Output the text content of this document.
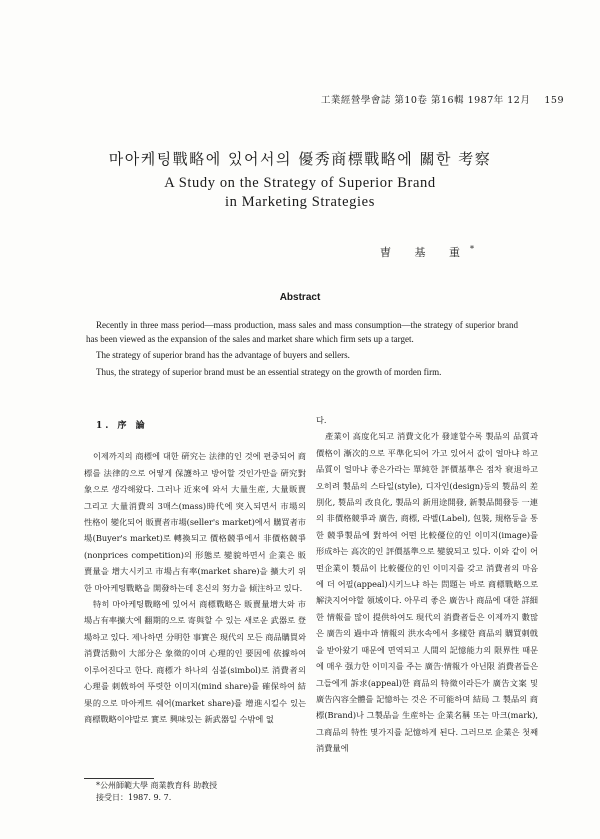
工業經營學會誌 第10卷 第16輯 1987年 12月 159
마아케팅戰略에 있어서의 優秀商標戰略에 關한 考察
A Study on the Strategy of Superior Brand
in Marketing Strategies
曺 基 重*
Abstract

Recently in three mass period—mass production, mass sales and mass consumption—the strategy of superior brand has been viewed as the expansion of the sales and market share which firm sets up a target.

The strategy of superior brand has the advantage of buyers and sellers.

Thus, the strategy of superior brand must be an essential strategy on the growth of morden firm.

1. 序 論

이제까지의 商標에 대한 硏究는 法律的인 것에 편중되어 商標를 法律的으로 어떻게 保護하고 방어할 것인가만을 硏究對象으로 생각해왔다. 그러나 近來에 와서 大量生産, 大量販賣 그리고 大量消費의 3매스(mass)時代에 突入되면서 市場의 性格이 變化되어 販賣者市場(seller's market)에서 購買者市場(Buyer's market)로 轉換되고 價格競爭에서 非價格競爭(nonprices competition)의 形態로 變貌하면서 企業은 販賣量을 增大시키고 市場占有率(market share)을 擴大키 위한 마아케팅戰略을 開發하는데 혼신의 努力을 傾注하고 있다.

特히 마아케팅戰略에 있어서 商標戰略은 販賣量增大와 市場占有率擴大에 翻期的으로 寄與할 수 있는 새로운 武器로 登場하고 있다. 제나하면 分明한 事實은 現代의 모든 商品購買와 消費活動이 大部分은 象徵的이며 心理的인 要因에 依據하여 이루어진다고 한다. 商標가 하나의 심볼(simbol)로 消費者의 心理를 刺戟하여 뚜렷한 이미지(mind share)를 確保하여 結果的으로 마아케트 쉐어(market share)를 增進시킬수 있는 商標戰略이야말로 實로 興味있는 新武器일 수밖에 없

다.

產業이 高度化되고 消費文化가 發達할수록 製品의 品質과 價格이 漸次的으로 平準化되어 가고 있어서 값이 얼마냐 하고 品質이 얼마냐 좋은가라는 單純한 評價基準은 점차 衰退하고 오히려 製品의 스타일(style), 디자인(design)등의 製品의 差別化, 製品의 改良化, 製品의 新用途開發, 新製品開發등 一連의 非價格競爭과 廣告, 商標, 라벨(Label), 包裝, 規格등을 통한 競爭製品에 對하여 어떤 比較優位的인 이미지(image)를 形成하는 高次的인 評價基準으로 變貌되고 있다. 이와 같이 어떤企業이 製品이 比較優位的인 이미지를 갖고 消費者의 마음에 더 어필(appeal)시키느냐 하는 問題는 바로 商標戰略으로 解決지어야할 領域이다. 아무리 좋은 廣告나 商品에 대한 詳細한 情報를 많이 提供하여도 現代의 消費者들은 이제까지 數많은 廣告의 過中과 情報의 洪水속에서 多樣한 商品의 購買刺戟을 받아왔기 때문에 면역되고 人間의 記憶能力의 限界性 때문에 매우 强力한 이미지를 주는 廣告·情報가 아닌限 消費者들은 그들에게 訴求(appeal)한 商品의 特徵이라든가 廣告文案 및 廣告內容全體를 記憶하는 것은 不可能하며 結局 그 製品의 商標(Brand)나 그製品을 生産하는 企業名稱 또는 마크(mark), 그商品의 特性 몇가지를 記憶하게 된다. 그러므로 企業은 첫째 消費量에

*公州師範大學 商業教育科 助教授
接受日：1987. 9. 7.
